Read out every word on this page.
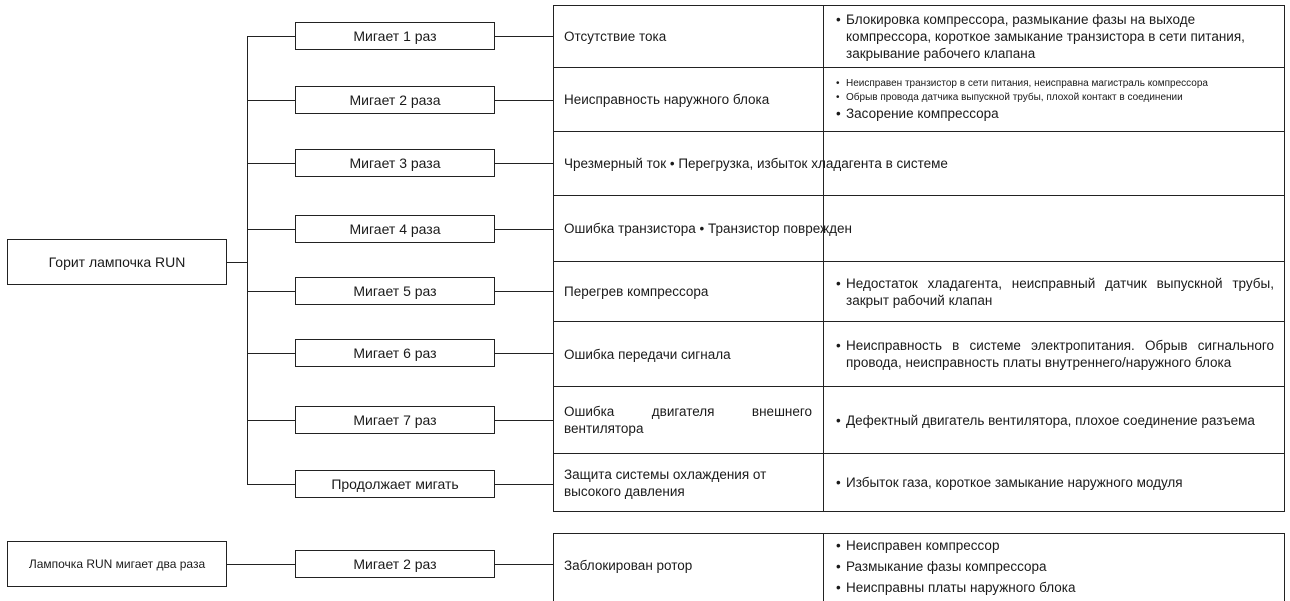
Горит лампочка RUN
Лампочка RUN мигает два раза
Мигает 1 раз
Мигает 2 раза
Мигает 3 раза
Мигает 4 раза
Мигает 5 раз
Мигает 6 раз
Мигает 7 раз
Продолжает мигать
Отсутствие тока
• Блокировка компрессора, размыкание фазы на выходе компрессора, короткое замыкание транзистора в сети питания, закрывание рабочего клапана
Неисправность наружного блока
• Неисправен транзистор в сети питания, неисправна магистраль компрессора
• Обрыв провода датчика выпускной трубы, плохой контакт в соединении
• Засорение компрессора
Чрезмерный ток • Перегрузка, избыток хладагента в системе
Ошибка транзистора • Транзистор поврежден
Перегрев компрессора
• Недостаток хладагента, неисправный датчик выпускной трубы, закрыт рабочий клапан
Ошибка передачи сигнала
• Неисправность в системе электропитания. Обрыв сигнального провода, неисправность платы внутреннего/наружного блока
Ошибка двигателя внешнего вентилятора
• Дефектный двигатель вентилятора, плохое соединение разъема
Защита системы охлаждения от высокого давления
• Избыток газа, короткое замыкание наружного модуля
Мигает 2 раз	Заблокирован ротор
• Неисправен компрессор
• Размыкание фазы компрессора
• Неисправны платы наружного блока
